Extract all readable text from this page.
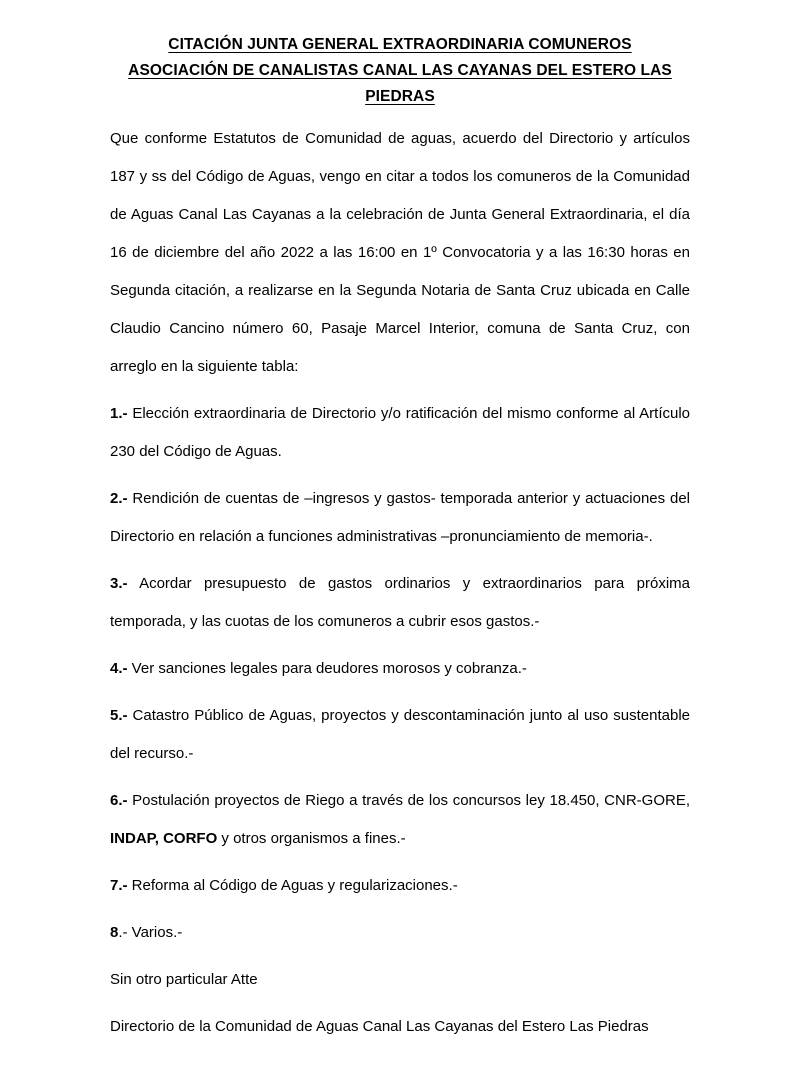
CITACIÓN JUNTA GENERAL EXTRAORDINARIA COMUNEROS
ASOCIACIÓN DE CANALISTAS CANAL LAS CAYANAS DEL ESTERO LAS
PIEDRAS

Que conforme Estatutos de Comunidad de aguas, acuerdo del Directorio y artículos 187 y ss del Código de Aguas, vengo en citar a todos los comuneros de la Comunidad de Aguas Canal Las Cayanas a la celebración de Junta General Extraordinaria, el día 16 de diciembre del año 2022 a las 16:00 en 1º Convocatoria y a las 16:30 horas en Segunda citación, a realizarse en la Segunda Notaria de Santa Cruz ubicada en Calle Claudio Cancino número 60, Pasaje Marcel Interior, comuna de Santa Cruz, con arreglo en la siguiente tabla:

1.- Elección extraordinaria de Directorio y/o ratificación del mismo conforme al Artículo 230 del Código de Aguas.

2.- Rendición de cuentas de –ingresos y gastos- temporada anterior y actuaciones del Directorio en relación a funciones administrativas –pronunciamiento de memoria-.

3.- Acordar presupuesto de gastos ordinarios y extraordinarios para próxima temporada, y las cuotas de los comuneros a cubrir esos gastos.-

4.- Ver sanciones legales para deudores morosos y cobranza.-

5.- Catastro Público de Aguas, proyectos y descontaminación junto al uso sustentable del recurso.-

6.- Postulación proyectos de Riego a través de los concursos ley 18.450, CNR-GORE, INDAP, CORFO y otros organismos a fines.-

7.- Reforma al Código de Aguas y regularizaciones.-

8.- Varios.-

Sin otro particular Atte

Directorio de la Comunidad de Aguas Canal Las Cayanas del Estero Las Piedras
